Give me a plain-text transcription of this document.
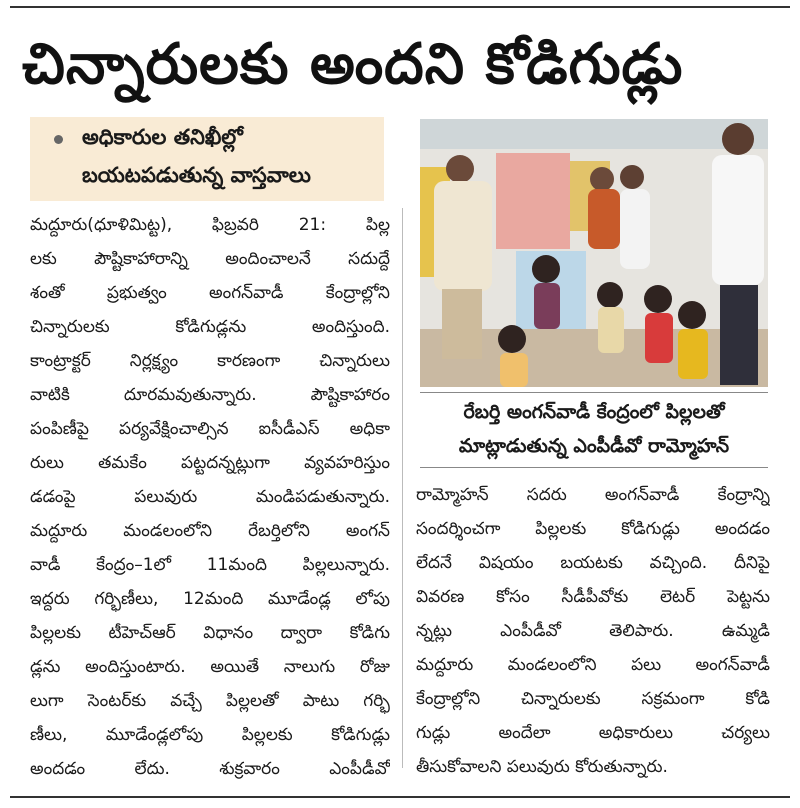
చిన్నారులకు అందని కోడిగుడ్లు
అధికారుల తనిఖీల్లో
బయటపడుతున్న వాస్తవాలు
మద్దూరు(ధూళిమిట్ట), ఫిబ్రవరి 21: పిల్ల
లకు పౌష్టికాహారాన్ని అందించాలనే సదుద్దే
శంతో ప్రభుత్వం అంగన్‌వాడీ కేంద్రాల్లోని
చిన్నారులకు కోడిగుడ్లను అందిస్తుంది.
కాంట్రాక్టర్ నిర్లక్ష్యం కారణంగా చిన్నారులు
వాటికి దూరమవుతున్నారు. పౌష్టికాహారం
పంపిణీపై పర్యవేక్షించాల్సిన ఐసీడీఎస్ అధికా
రులు తమకేం పట్టదన్నట్లుగా వ్యవహరిస్తుం
డడంపై పలువురు మండిపడుతున్నారు.
మద్దూరు మండలంలోని రేబర్తిలోని అంగన్
వాడీ కేంద్రం–1లో 11మంది పిల్లలున్నారు.
ఇద్దరు గర్భిణీలు, 12మంది మూడేండ్ల లోపు
పిల్లలకు టీహెచ్ఆర్ విధానం ద్వారా కోడిగు
డ్లను అందిస్తుంటారు. అయితే నాలుగు రోజు
లుగా సెంటర్‌కు వచ్చే పిల్లలతో పాటు గర్భి
ణీలు, మూడేండ్లలోపు పిల్లలకు కోడిగుడ్లు
అందడం లేదు. శుక్రవారం ఎంపీడీవో
రేబర్తి అంగన్‌వాడీ కేంద్రంలో పిల్లలతో
మాట్లాడుతున్న ఎంపీడీవో రామ్మోహన్
రామ్మోహన్ సదరు అంగన్‌వాడీ కేంద్రాన్ని
సందర్శించగా పిల్లలకు కోడిగుడ్లు అందడం
లేదనే విషయం బయటకు వచ్చింది. దీనిపై
వివరణ కోసం సీడీపీవోకు లెటర్ పెట్టను
న్నట్లు ఎంపీడీవో తెలిపారు. ఉమ్మడి
మద్దూరు మండలంలోని పలు అంగన్‌వాడీ
కేంద్రాల్లోని చిన్నారులకు సక్రమంగా కోడి
గుడ్లు అందేలా అధికారులు చర్యలు
తీసుకోవాలని పలువురు కోరుతున్నారు.
